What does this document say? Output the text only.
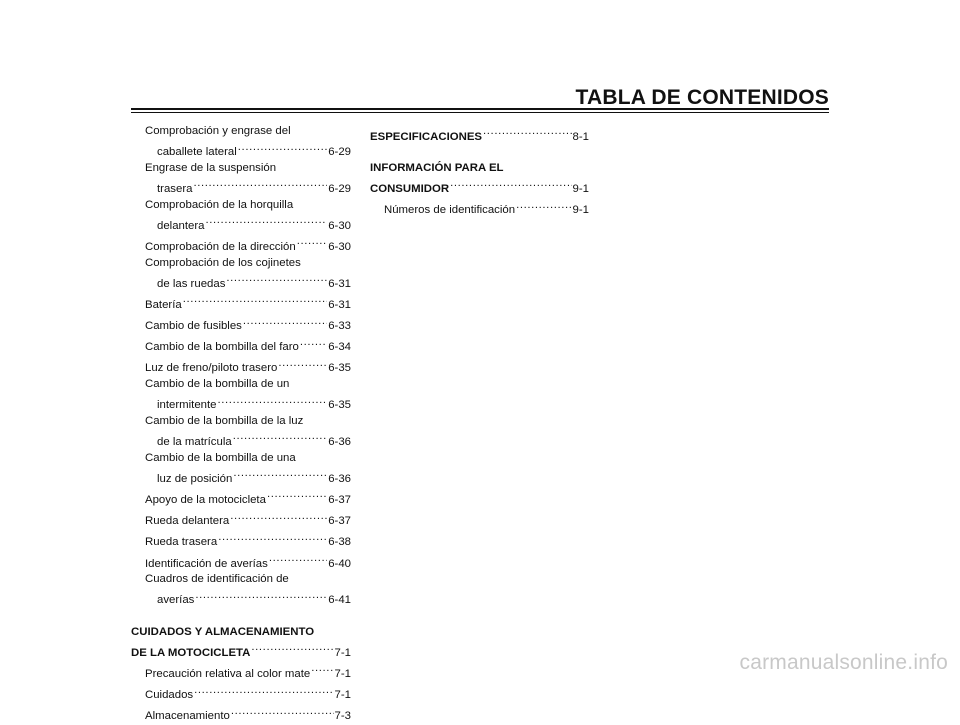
TABLA DE CONTENIDOS
Comprobación y engrase del
caballete lateral .....	6-29
Engrase de la suspensión
trasera .....	6-29
Comprobación de la horquilla
delantera .....	6-30
Comprobación de la dirección .....	6-30
Comprobación de los cojinetes
de las ruedas .....	6-31
Batería .....	6-31
Cambio de fusibles .....	6-33
Cambio de la bombilla del faro .....	6-34
Luz de freno/piloto trasero .....	6-35
Cambio de la bombilla de un
intermitente .....	6-35
Cambio de la bombilla de la luz
de la matrícula .....	6-36
Cambio de la bombilla de una
luz de posición .....	6-36
Apoyo de la motocicleta .....	6-37
Rueda delantera .....	6-37
Rueda trasera .....	6-38
Identificación de averías .....	6-40
Cuadros de identificación de
averías .....	6-41
CUIDADOS Y ALMACENAMIENTO
DE LA MOTOCICLETA .....	7-1
Precaución relativa al color mate ..... 7-1
Cuidados .....	7-1
Almacenamiento .....	7-3
ESPECIFICACIONES .....	8-1
INFORMACIÓN PARA EL
CONSUMIDOR .....	9-1
Números de identificación .....	9-1
carmanualsonline.info
